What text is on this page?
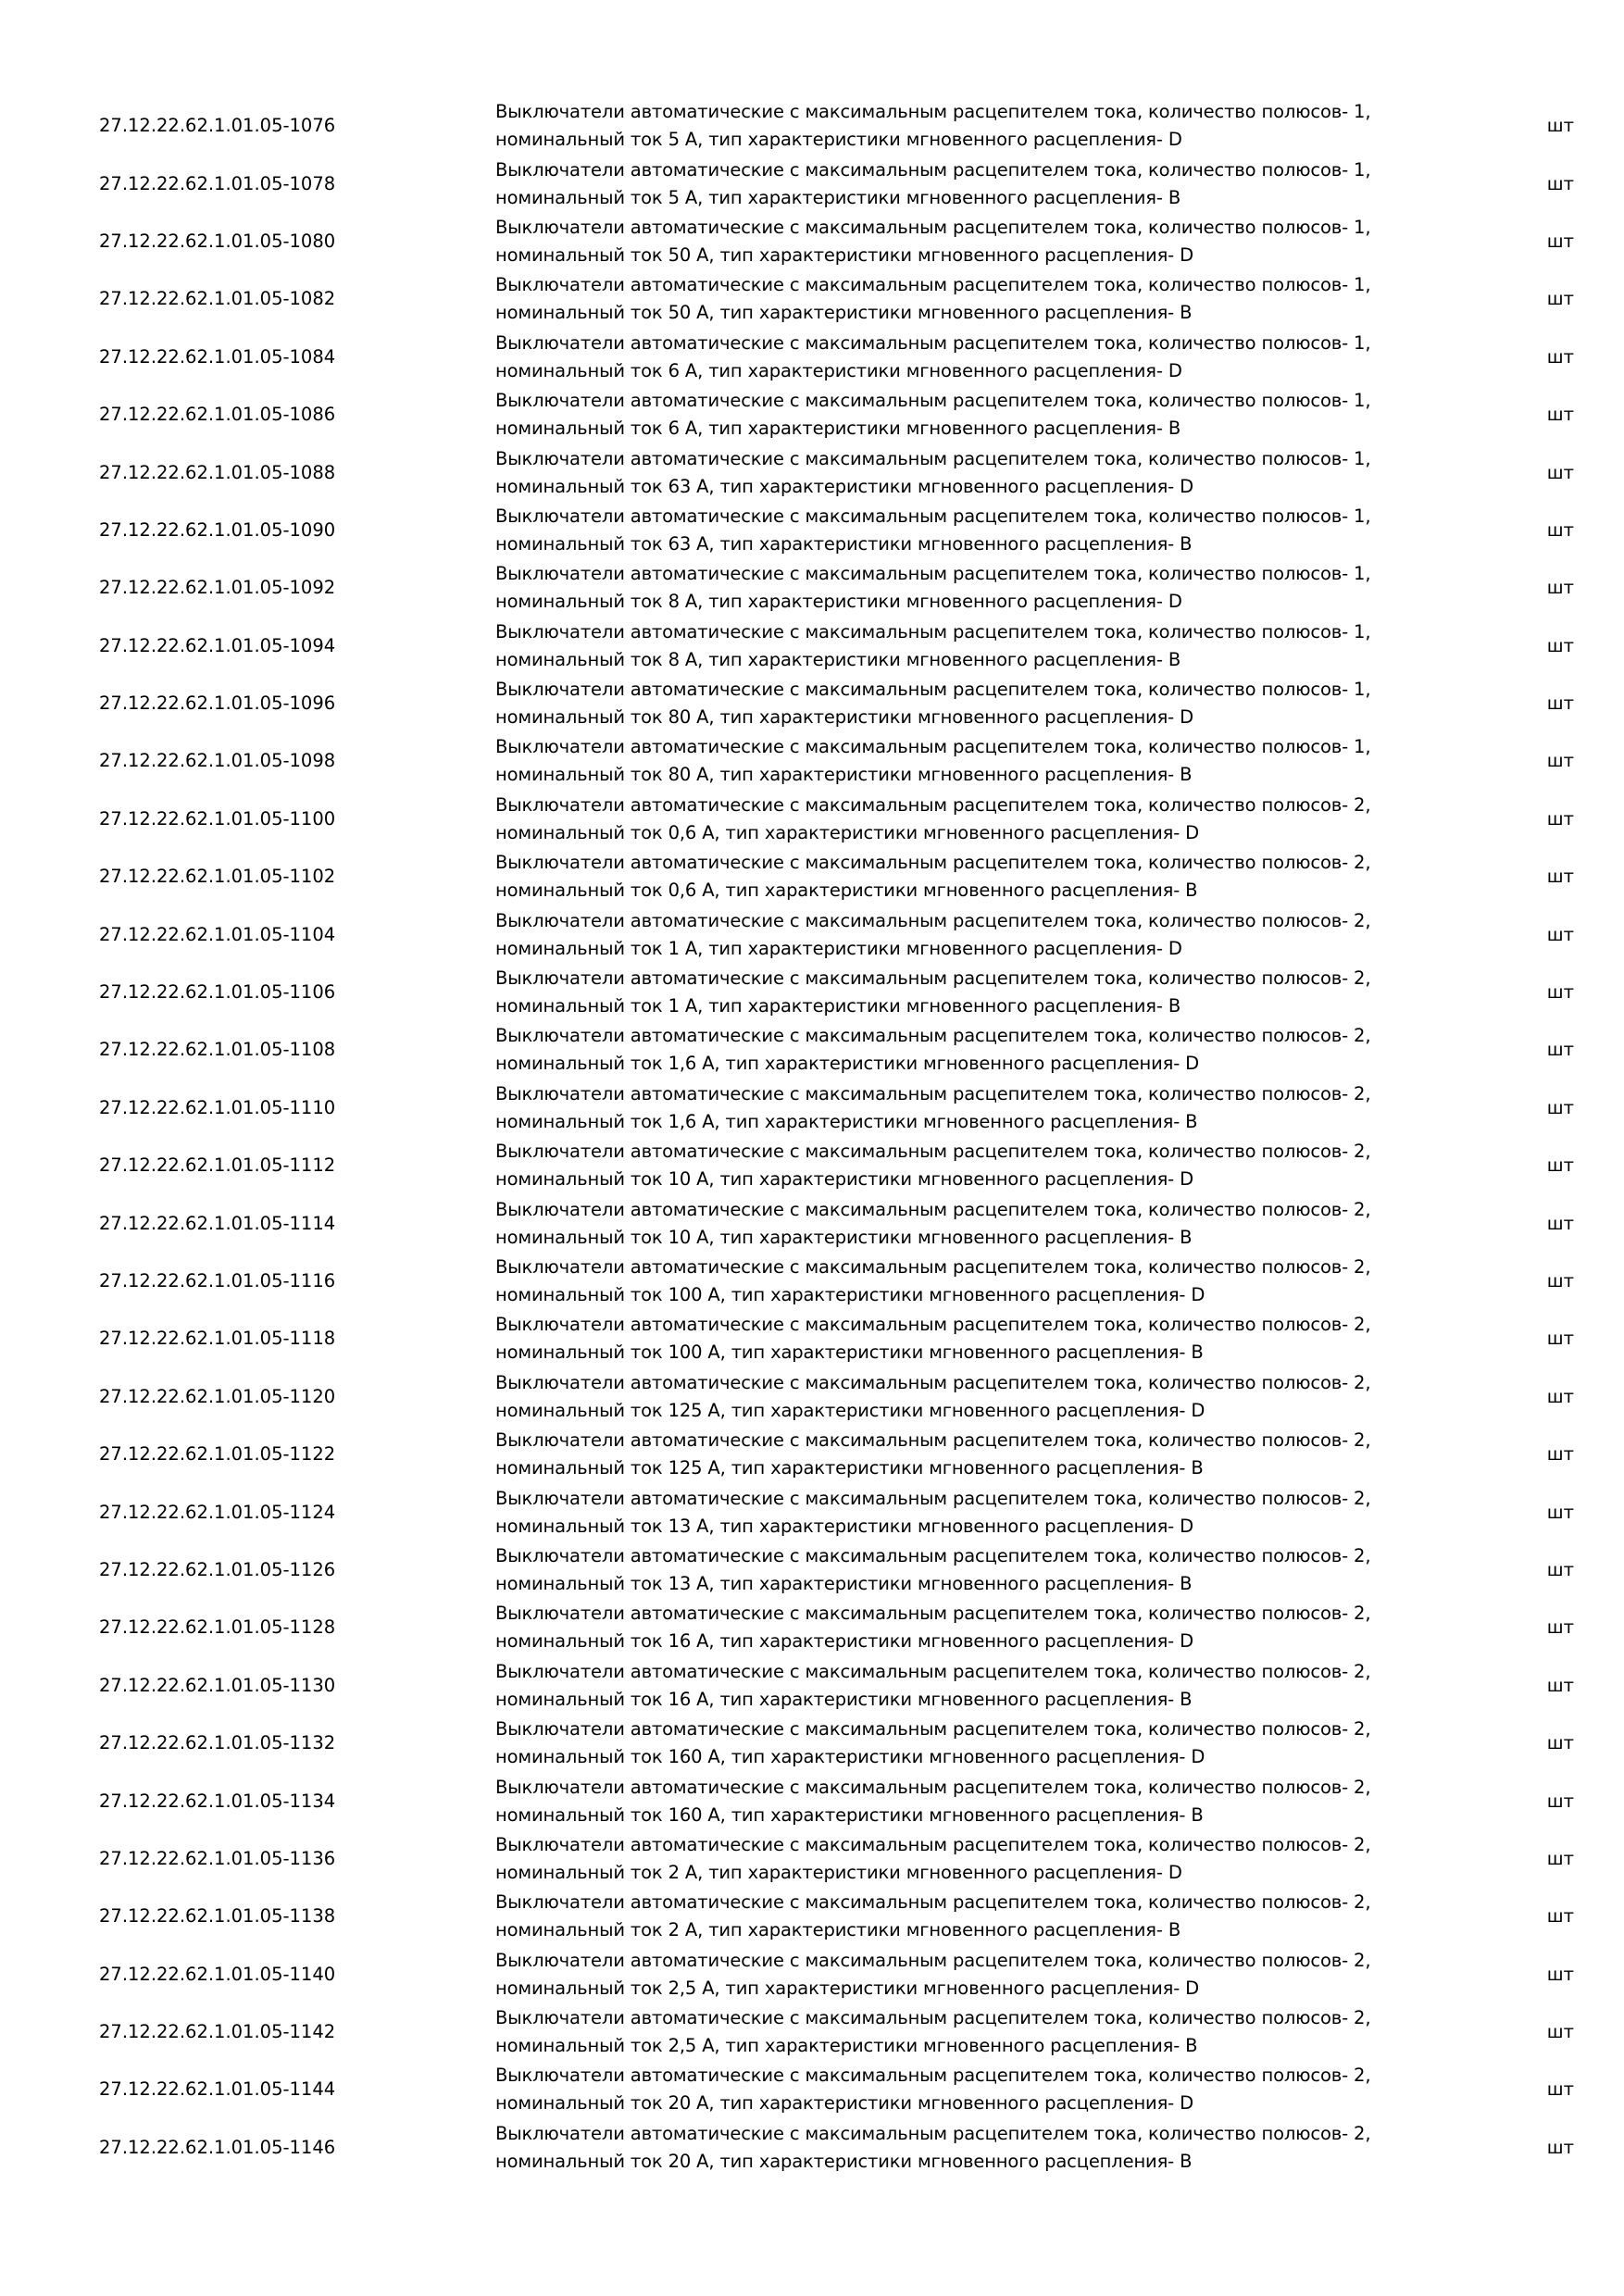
27.12.22.62.1.01.05-1076
Выключатели автоматические с максимальным расцепителем тока, количество полюсов- 1,
номинальный ток 5 А, тип характеристики мгновенного расцепления- D
шт
27.12.22.62.1.01.05-1078
Выключатели автоматические с максимальным расцепителем тока, количество полюсов- 1,
номинальный ток 5 А, тип характеристики мгновенного расцепления- B
шт
27.12.22.62.1.01.05-1080
Выключатели автоматические с максимальным расцепителем тока, количество полюсов- 1,
номинальный ток 50 А, тип характеристики мгновенного расцепления- D
шт
27.12.22.62.1.01.05-1082
Выключатели автоматические с максимальным расцепителем тока, количество полюсов- 1,
номинальный ток 50 А, тип характеристики мгновенного расцепления- B
шт
27.12.22.62.1.01.05-1084
Выключатели автоматические с максимальным расцепителем тока, количество полюсов- 1,
номинальный ток 6 А, тип характеристики мгновенного расцепления- D
шт
27.12.22.62.1.01.05-1086
Выключатели автоматические с максимальным расцепителем тока, количество полюсов- 1,
номинальный ток 6 А, тип характеристики мгновенного расцепления- B
шт
27.12.22.62.1.01.05-1088
Выключатели автоматические с максимальным расцепителем тока, количество полюсов- 1,
номинальный ток 63 А, тип характеристики мгновенного расцепления- D
шт
27.12.22.62.1.01.05-1090
Выключатели автоматические с максимальным расцепителем тока, количество полюсов- 1,
номинальный ток 63 А, тип характеристики мгновенного расцепления- B
шт
27.12.22.62.1.01.05-1092
Выключатели автоматические с максимальным расцепителем тока, количество полюсов- 1,
номинальный ток 8 А, тип характеристики мгновенного расцепления- D
шт
27.12.22.62.1.01.05-1094
Выключатели автоматические с максимальным расцепителем тока, количество полюсов- 1,
номинальный ток 8 А, тип характеристики мгновенного расцепления- B
шт
27.12.22.62.1.01.05-1096
Выключатели автоматические с максимальным расцепителем тока, количество полюсов- 1,
номинальный ток 80 А, тип характеристики мгновенного расцепления- D
шт
27.12.22.62.1.01.05-1098
Выключатели автоматические с максимальным расцепителем тока, количество полюсов- 1,
номинальный ток 80 А, тип характеристики мгновенного расцепления- B
шт
27.12.22.62.1.01.05-1100
Выключатели автоматические с максимальным расцепителем тока, количество полюсов- 2,
номинальный ток 0,6 А, тип характеристики мгновенного расцепления- D
шт
27.12.22.62.1.01.05-1102
Выключатели автоматические с максимальным расцепителем тока, количество полюсов- 2,
номинальный ток 0,6 А, тип характеристики мгновенного расцепления- B
шт
27.12.22.62.1.01.05-1104
Выключатели автоматические с максимальным расцепителем тока, количество полюсов- 2,
номинальный ток 1 А, тип характеристики мгновенного расцепления- D
шт
27.12.22.62.1.01.05-1106
Выключатели автоматические с максимальным расцепителем тока, количество полюсов- 2,
номинальный ток 1 А, тип характеристики мгновенного расцепления- B
шт
27.12.22.62.1.01.05-1108
Выключатели автоматические с максимальным расцепителем тока, количество полюсов- 2,
номинальный ток 1,6 А, тип характеристики мгновенного расцепления- D
шт
27.12.22.62.1.01.05-1110
Выключатели автоматические с максимальным расцепителем тока, количество полюсов- 2,
номинальный ток 1,6 А, тип характеристики мгновенного расцепления- B
шт
27.12.22.62.1.01.05-1112
Выключатели автоматические с максимальным расцепителем тока, количество полюсов- 2,
номинальный ток 10 А, тип характеристики мгновенного расцепления- D
шт
27.12.22.62.1.01.05-1114
Выключатели автоматические с максимальным расцепителем тока, количество полюсов- 2,
номинальный ток 10 А, тип характеристики мгновенного расцепления- B
шт
27.12.22.62.1.01.05-1116
Выключатели автоматические с максимальным расцепителем тока, количество полюсов- 2,
номинальный ток 100 А, тип характеристики мгновенного расцепления- D
шт
27.12.22.62.1.01.05-1118
Выключатели автоматические с максимальным расцепителем тока, количество полюсов- 2,
номинальный ток 100 А, тип характеристики мгновенного расцепления- B
шт
27.12.22.62.1.01.05-1120
Выключатели автоматические с максимальным расцепителем тока, количество полюсов- 2,
номинальный ток 125 А, тип характеристики мгновенного расцепления- D
шт
27.12.22.62.1.01.05-1122
Выключатели автоматические с максимальным расцепителем тока, количество полюсов- 2,
номинальный ток 125 А, тип характеристики мгновенного расцепления- B
шт
27.12.22.62.1.01.05-1124
Выключатели автоматические с максимальным расцепителем тока, количество полюсов- 2,
номинальный ток 13 А, тип характеристики мгновенного расцепления- D
шт
27.12.22.62.1.01.05-1126
Выключатели автоматические с максимальным расцепителем тока, количество полюсов- 2,
номинальный ток 13 А, тип характеристики мгновенного расцепления- B
шт
27.12.22.62.1.01.05-1128
Выключатели автоматические с максимальным расцепителем тока, количество полюсов- 2,
номинальный ток 16 А, тип характеристики мгновенного расцепления- D
шт
27.12.22.62.1.01.05-1130
Выключатели автоматические с максимальным расцепителем тока, количество полюсов- 2,
номинальный ток 16 А, тип характеристики мгновенного расцепления- B
шт
27.12.22.62.1.01.05-1132
Выключатели автоматические с максимальным расцепителем тока, количество полюсов- 2,
номинальный ток 160 А, тип характеристики мгновенного расцепления- D
шт
27.12.22.62.1.01.05-1134
Выключатели автоматические с максимальным расцепителем тока, количество полюсов- 2,
номинальный ток 160 А, тип характеристики мгновенного расцепления- B
шт
27.12.22.62.1.01.05-1136
Выключатели автоматические с максимальным расцепителем тока, количество полюсов- 2,
номинальный ток 2 А, тип характеристики мгновенного расцепления- D
шт
27.12.22.62.1.01.05-1138
Выключатели автоматические с максимальным расцепителем тока, количество полюсов- 2,
номинальный ток 2 А, тип характеристики мгновенного расцепления- B
шт
27.12.22.62.1.01.05-1140
Выключатели автоматические с максимальным расцепителем тока, количество полюсов- 2,
номинальный ток 2,5 А, тип характеристики мгновенного расцепления- D
шт
27.12.22.62.1.01.05-1142
Выключатели автоматические с максимальным расцепителем тока, количество полюсов- 2,
номинальный ток 2,5 А, тип характеристики мгновенного расцепления- B
шт
27.12.22.62.1.01.05-1144
Выключатели автоматические с максимальным расцепителем тока, количество полюсов- 2,
номинальный ток 20 А, тип характеристики мгновенного расцепления- D
шт
27.12.22.62.1.01.05-1146
Выключатели автоматические с максимальным расцепителем тока, количество полюсов- 2,
номинальный ток 20 А, тип характеристики мгновенного расцепления- B
шт
